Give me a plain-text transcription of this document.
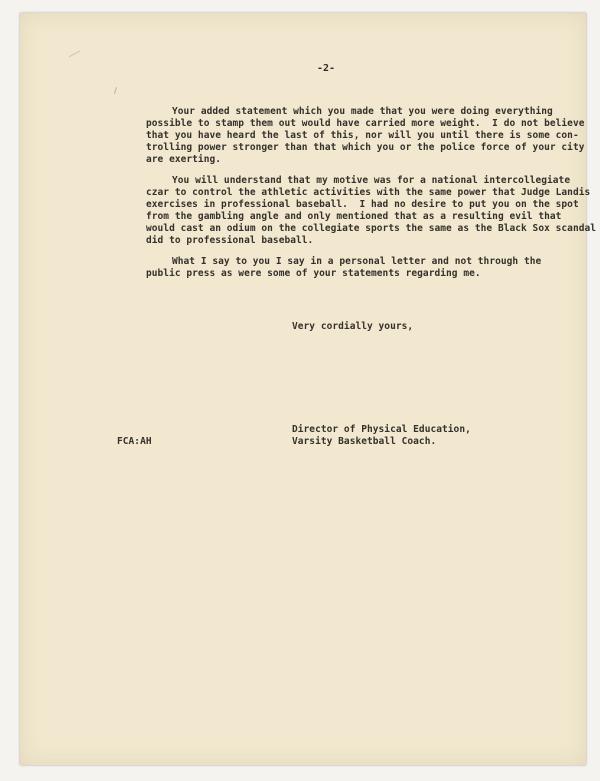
-2-
Your added statement which you made that you were doing everything
possible to stamp them out would have carried more weight.  I do not believe
that you have heard the last of this, nor will you until there is some con-
trolling power stronger than that which you or the police force of your city
are exerting.
You will understand that my motive was for a national intercollegiate
czar to control the athletic activities with the same power that Judge Landis
exercises in professional baseball.  I had no desire to put you on the spot
from the gambling angle and only mentioned that as a resulting evil that
would cast an odium on the collegiate sports the same as the Black Sox scandal
did to professional baseball.
What I say to you I say in a personal letter and not through the
public press as were some of your statements regarding me.
Very cordially yours,
Director of Physical Education,
Varsity Basketball Coach.
FCA:AH
